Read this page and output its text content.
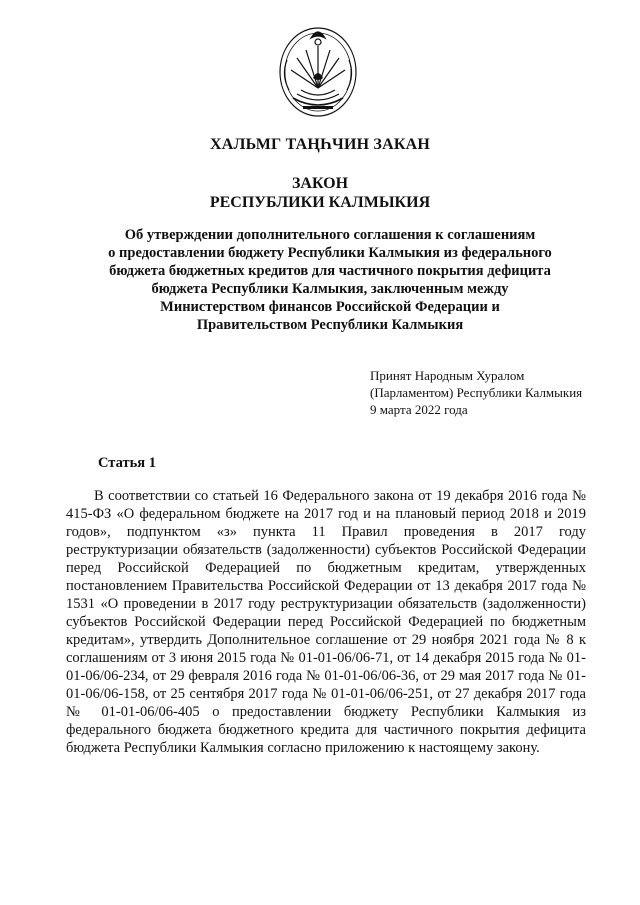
ХАЛЬМГ ТАҢҺЧИН ЗАКАН
ЗАКОН
РЕСПУБЛИКИ КАЛМЫКИЯ
Об утверждении дополнительного соглашения к соглашениям
о предоставлении бюджету Республики Калмыкия из федерального
бюджета бюджетных кредитов для частичного покрытия дефицита
бюджета Республики Калмыкия, заключенным между
Министерством финансов Российской Федерации и
Правительством Республики Калмыкия
Принят Народным Хуралом
(Парламентом) Республики Калмыкия
9 марта 2022 года
Статья 1
В соответствии со статьей 16 Федерального закона от 19 декабря 2016 года № 415-ФЗ «О федеральном бюджете на 2017 год и на плановый период 2018 и 2019 годов», подпунктом «з» пункта 11 Правил проведения в 2017 году реструктуризации обязательств (задолженности) субъектов Российской Федерации перед Российской Федерацией по бюджетным кредитам, утвержденных постановлением Правительства Российской Федерации от 13 декабря 2017 года № 1531 «О проведении в 2017 году реструктуризации обязательств (задолженности) субъектов Российской Федерации перед Российской Федерацией по бюджетным кредитам», утвердить Дополнительное соглашение от 29 ноября 2021 года № 8 к соглашениям от 3 июня 2015 года № 01-01-06/06-71, от 14 декабря 2015 года № 01-01-06/06-234, от 29 февраля 2016 года № 01-01-06/06-36, от 29 мая 2017 года № 01-01-06/06-158, от 25 сентября 2017 года № 01-01-06/06-251, от 27 декабря 2017 года № 01-01-06/06-405 о предоставлении бюджету Республики Калмыкия из федерального бюджета бюджетного кредита для частичного покрытия дефицита бюджета Республики Калмыкия согласно приложению к настоящему закону.
